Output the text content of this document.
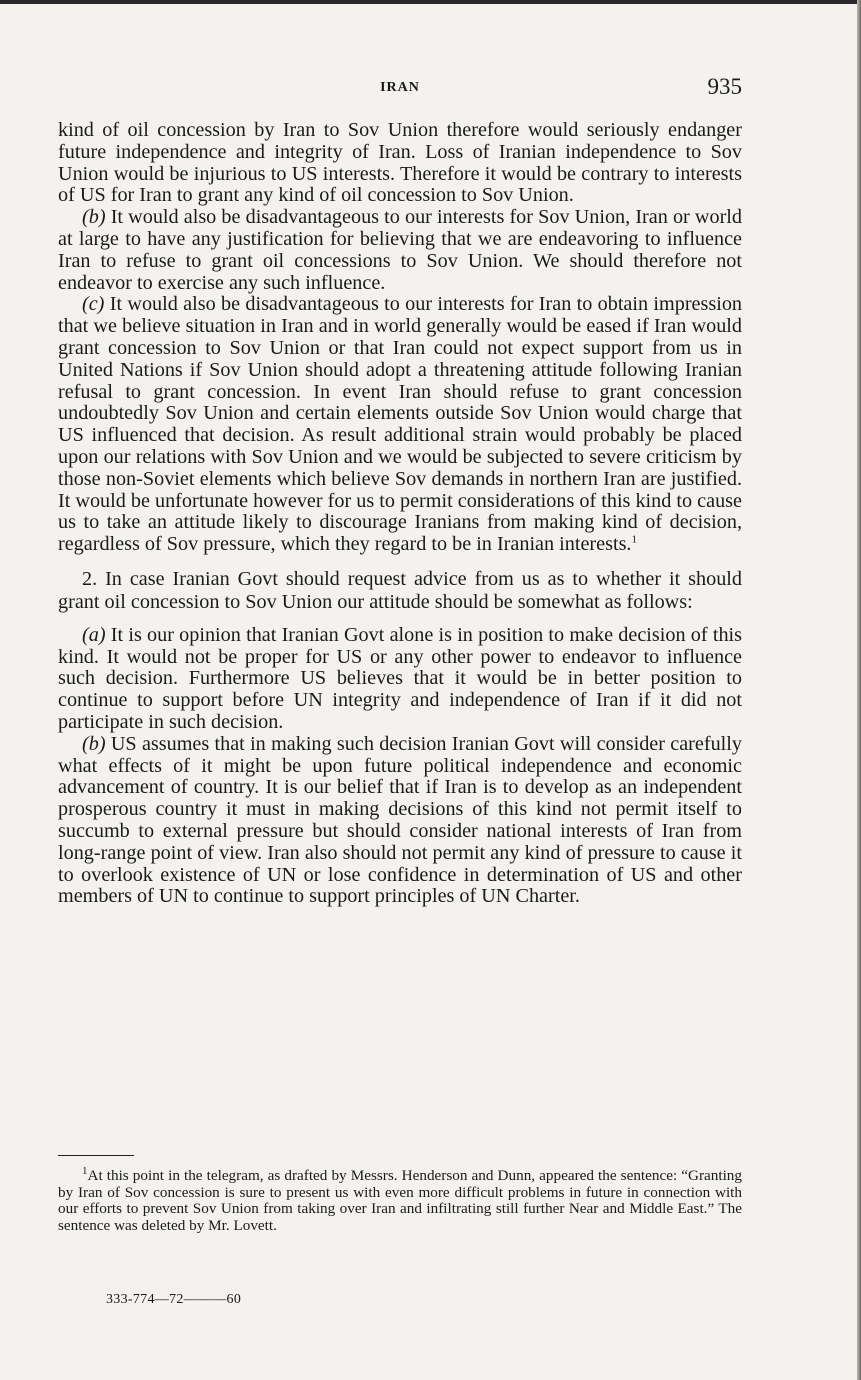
IRAN	935

kind of oil concession by Iran to Sov Union therefore would seriously endanger future independence and integrity of Iran. Loss of Iranian independence to Sov Union would be injurious to US interests. Therefore it would be contrary to interests of US for Iran to grant any kind of oil concession to Sov Union.

(b) It would also be disadvantageous to our interests for Sov Union, Iran or world at large to have any justification for believing that we are endeavoring to influence Iran to refuse to grant oil concessions to Sov Union. We should therefore not endeavor to exercise any such influence.

(c) It would also be disadvantageous to our interests for Iran to obtain impression that we believe situation in Iran and in world generally would be eased if Iran would grant concession to Sov Union or that Iran could not expect support from us in United Nations if Sov Union should adopt a threatening attitude following Iranian refusal to grant concession. In event Iran should refuse to grant concession undoubtedly Sov Union and certain elements outside Sov Union would charge that US influenced that decision. As result additional strain would probably be placed upon our relations with Sov Union and we would be subjected to severe criticism by those non-Soviet elements which believe Sov demands in northern Iran are justified. It would be unfortunate however for us to permit considerations of this kind to cause us to take an attitude likely to discourage Iranians from making kind of decision, regardless of Sov pressure, which they regard to be in Iranian interests.$^1$

2. In case Iranian Govt should request advice from us as to whether it should grant oil concession to Sov Union our attitude should be somewhat as follows:

(a) It is our opinion that Iranian Govt alone is in position to make decision of this kind. It would not be proper for US or any other power to endeavor to influence such decision. Furthermore US believes that it would be in better position to continue to support before UN integrity and independence of Iran if it did not participate in such decision.

(b) US assumes that in making such decision Iranian Govt will consider carefully what effects of it might be upon future political independence and economic advancement of country. It is our belief that if Iran is to develop as an independent prosperous country it must in making decisions of this kind not permit itself to succumb to external pressure but should consider national interests of Iran from long-range point of view. Iran also should not permit any kind of pressure to cause it to overlook existence of UN or lose confidence in determination of US and other members of UN to continue to support principles of UN Charter.

$^1$At this point in the telegram, as drafted by Messrs. Henderson and Dunn, appeared the sentence: “Granting by Iran of Sov concession is sure to present us with even more difficult problems in future in connection with our efforts to prevent Sov Union from taking over Iran and infiltrating still further Near and Middle East.” The sentence was deleted by Mr. Lovett.

333-774—72———60
